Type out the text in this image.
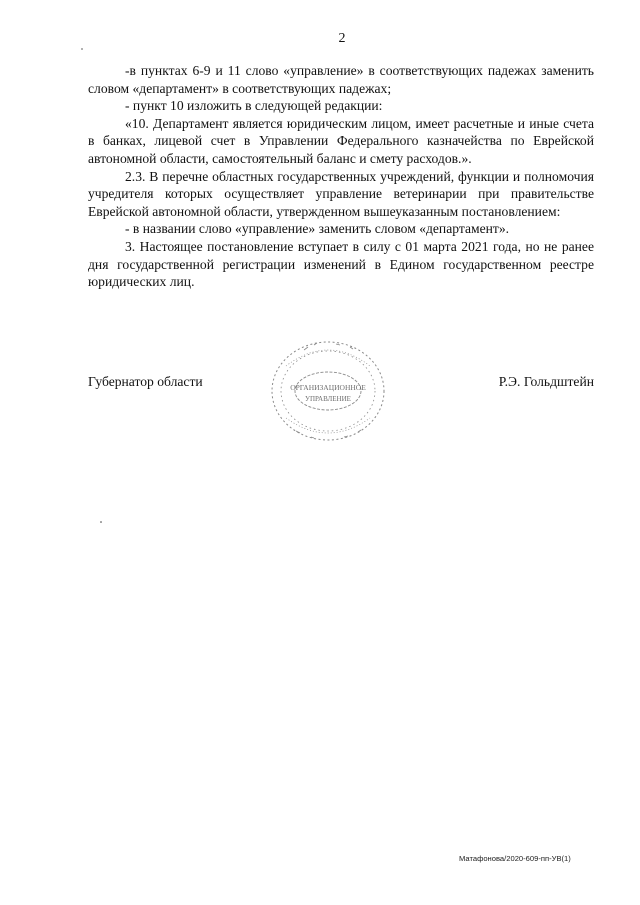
2

-в пунктах 6-9 и 11 слово «управление» в соответствующих падежах заменить словом «департамент» в соответствующих падежах;

- пункт 10 изложить в следующей редакции:

«10. Департамент является юридическим лицом, имеет расчетные и иные счета в банках, лицевой счет в Управлении Федерального казначейства по Еврейской автономной области, самостоятельный баланс и смету расходов.».

2.3. В перечне областных государственных учреждений, функции и полномочия учредителя которых осуществляет управление ветеринарии при правительстве Еврейской автономной области, утвержденном вышеуказанным постановлением:

- в названии слово «управление» заменить словом «департамент».

3. Настоящее постановление вступает в силу с 01 марта 2021 года, но не ранее дня государственной регистрации изменений в Едином государственном реестре юридических лиц.

Губернатор области	Р.Э. Гольдштейн
ОРГАНИЗАЦИОННОЕ
УПРАВЛЕНИЕ
Матафонова/2020-609-пп-УВ(1)
